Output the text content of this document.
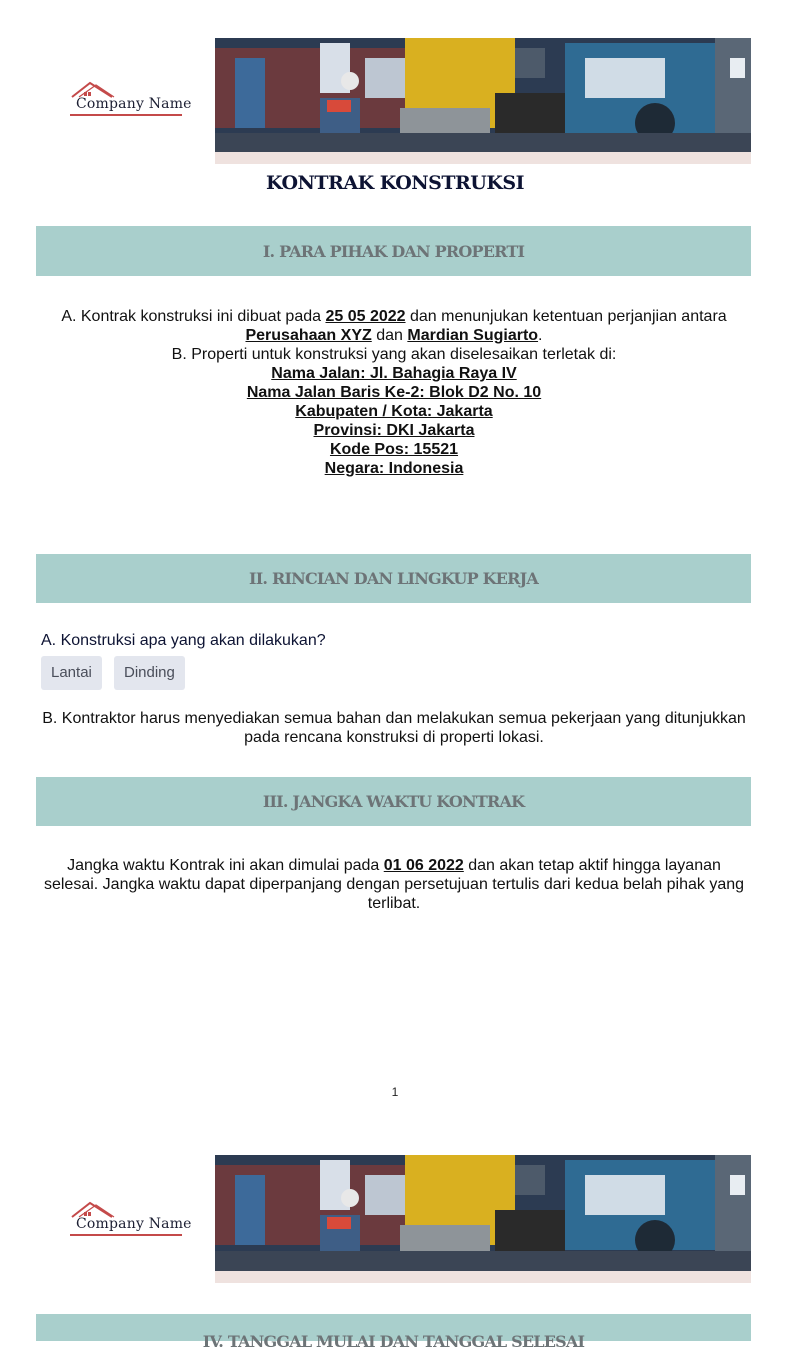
Company Name
KONTRAK KONSTRUKSI
I. PARA PIHAK DAN PROPERTI
A. Kontrak konstruksi ini dibuat pada 25 05 2022 dan menunjukan ketentuan perjanjian antara Perusahaan XYZ dan Mardian Sugiarto.
B. Properti untuk konstruksi yang akan diselesaikan terletak di:
Nama Jalan: Jl. Bahagia Raya IV
Nama Jalan Baris Ke-2: Blok D2 No. 10
Kabupaten / Kota: Jakarta
Provinsi: DKI Jakarta
Kode Pos: 15521
Negara: Indonesia
II. RINCIAN DAN LINGKUP KERJA
A. Konstruksi apa yang akan dilakukan?
Lantai	Dinding
B. Kontraktor harus menyediakan semua bahan dan melakukan semua pekerjaan yang ditunjukkan pada rencana konstruksi di properti lokasi.
III. JANGKA WAKTU KONTRAK
Jangka waktu Kontrak ini akan dimulai pada 01 06 2022 dan akan tetap aktif hingga layanan selesai. Jangka waktu dapat diperpanjang dengan persetujuan tertulis dari kedua belah pihak yang terlibat.
1
Company Name
IV. TANGGAL MULAI DAN TANGGAL SELESAI
